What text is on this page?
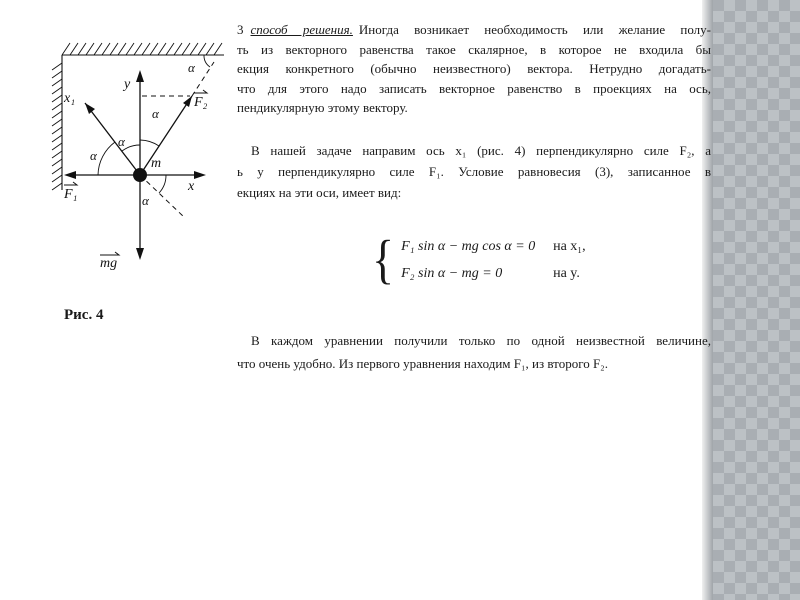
y
x
x₁	F₂
F₁
mg
m
α
α
α
α
α
Рис. 4
3 способ решения. Иногда возникает необходимость или желание полу-
ть из векторного равенства такое скалярное, в которое не входила бы
екция конкретного (обычно неизвестного) вектора. Нетрудно догадать-
что для этого надо записать векторное равенство в проекциях на ось,
пендикулярную этому вектору.
В нашей задаче направим ось x₁ (рис. 4) перпендикулярно силе F₂, а
ь y перпендикулярно силе F₁. Условие равновесия (3), записанное в
екциях на эти оси, имеет вид:
{ F₁ sin α − mg cos α = 0	на x₁,
F₂ sin α − mg = 0	на y.
В каждом уравнении получили только по одной неизвестной величине,
что очень удобно. Из первого уравнения находим F₁, из второго F₂.
